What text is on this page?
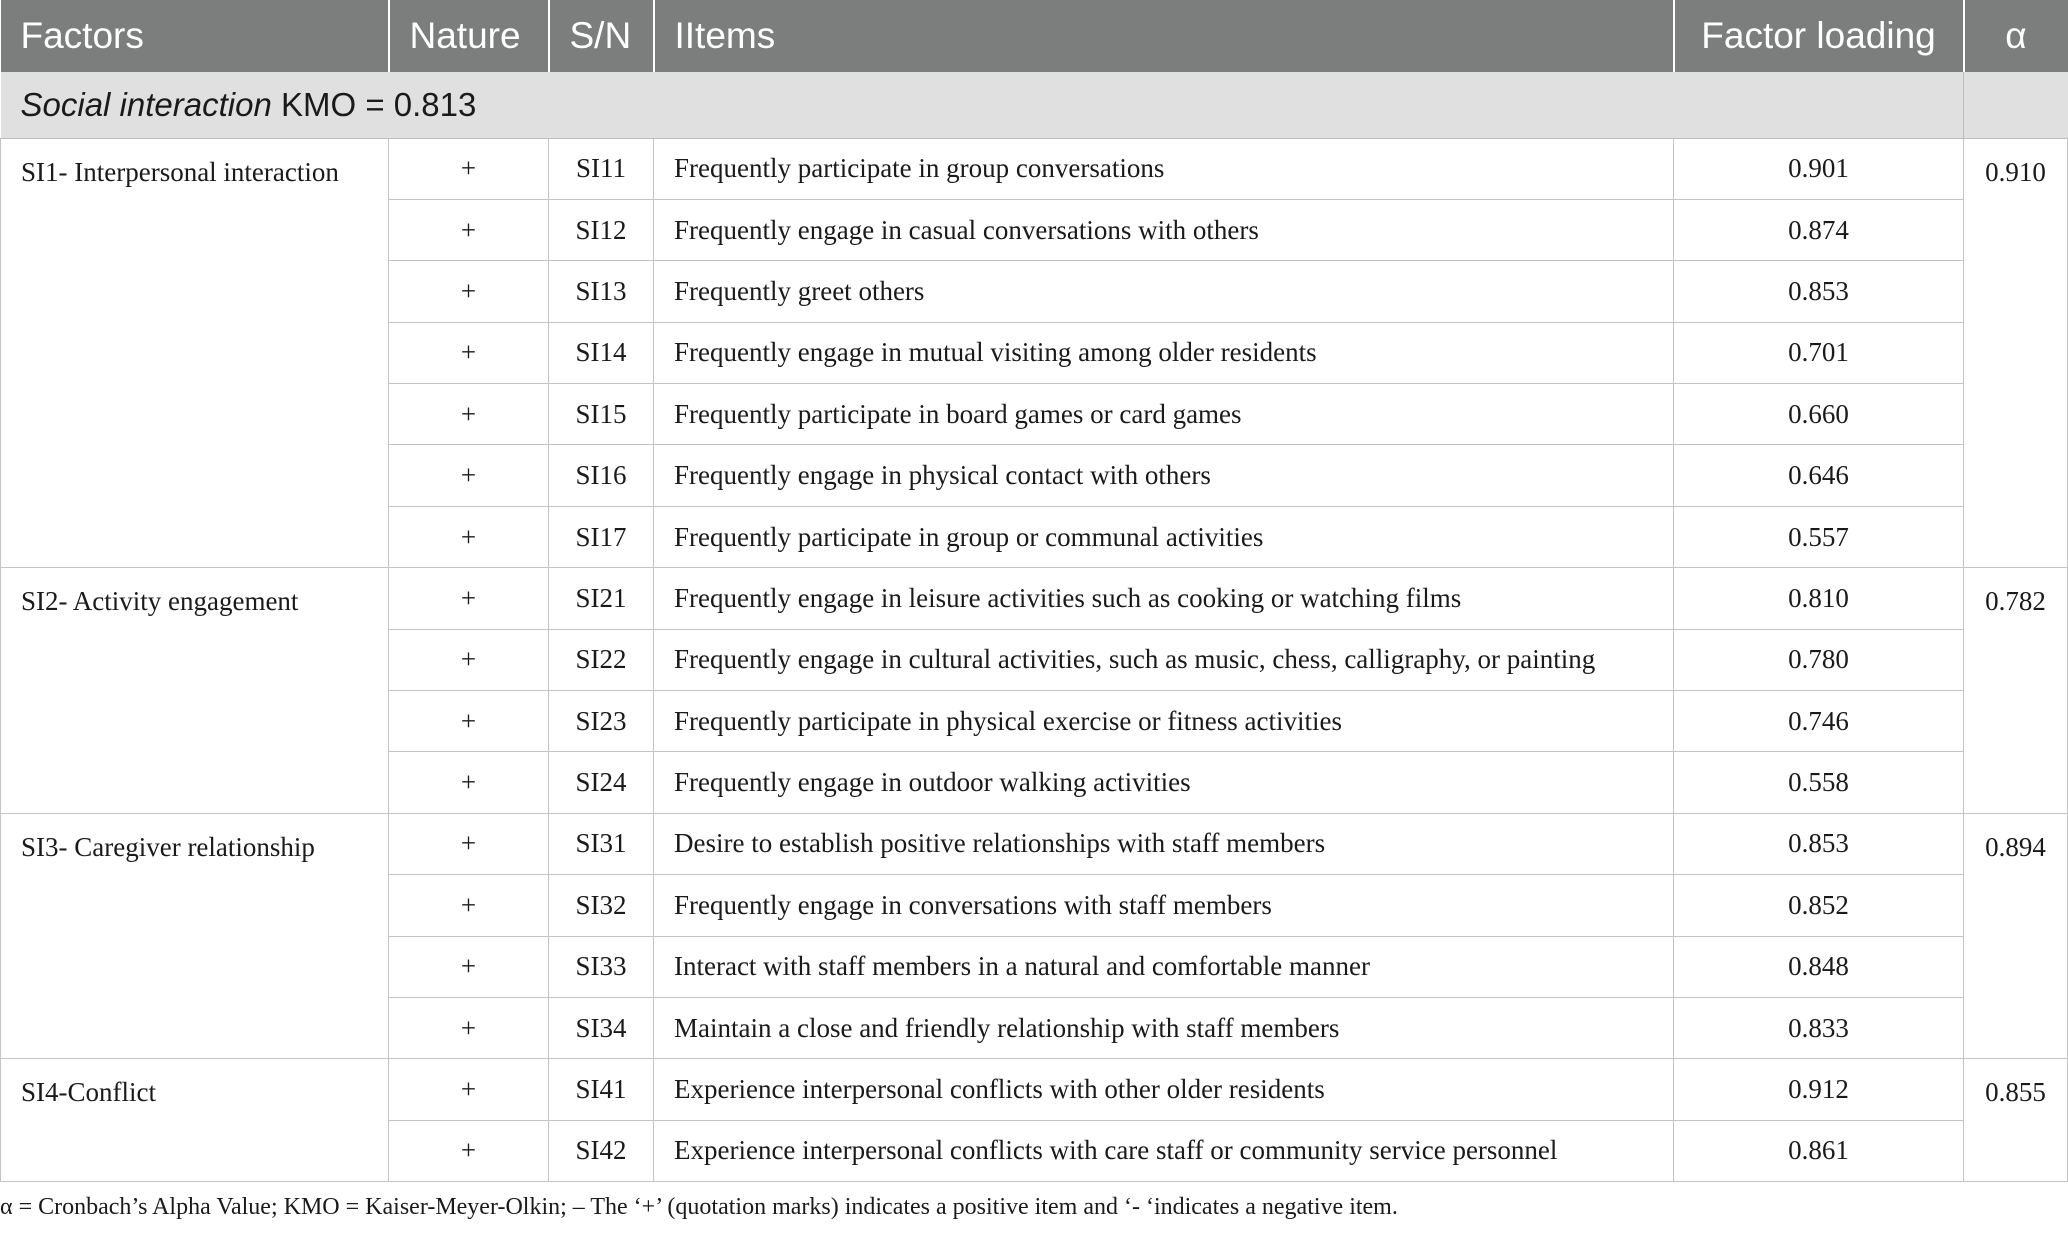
Factors	Nature	S/N	IItems	Factor loading	α
Social interaction KMO = 0.813					
SI1- Interpersonal interaction	+	SI11	Frequently participate in group conversations	0.901	0.910
	+	SI12	Frequently engage in casual conversations with others	0.874	
	+	SI13	Frequently greet others	0.853	
	+	SI14	Frequently engage in mutual visiting among older residents	0.701	
	+	SI15	Frequently participate in board games or card games	0.660	
	+	SI16	Frequently engage in physical contact with others	0.646	
	+	SI17	Frequently participate in group or communal activities	0.557	
SI2- Activity engagement	+	SI21	Frequently engage in leisure activities such as cooking or watching films	0.810	0.782
	+	SI22	Frequently engage in cultural activities, such as music, chess, calligraphy, or painting	0.780	
	+	SI23	Frequently participate in physical exercise or fitness activities	0.746	
	+	SI24	Frequently engage in outdoor walking activities	0.558	
SI3- Caregiver relationship	+	SI31	Desire to establish positive relationships with staff members	0.853	0.894
	+	SI32	Frequently engage in conversations with staff members	0.852	
	+	SI33	Interact with staff members in a natural and comfortable manner	0.848	
	+	SI34	Maintain a close and friendly relationship with staff members	0.833	
SI4-Conflict	+	SI41	Experience interpersonal conflicts with other older residents	0.912	0.855
	+	SI42	Experience interpersonal conflicts with care staff or community service personnel	0.861	
α = Cronbach’s Alpha Value; KMO = Kaiser-Meyer-Olkin; – The ‘+’ (quotation marks) indicates a positive item and ‘- ‘indicates a negative item.
